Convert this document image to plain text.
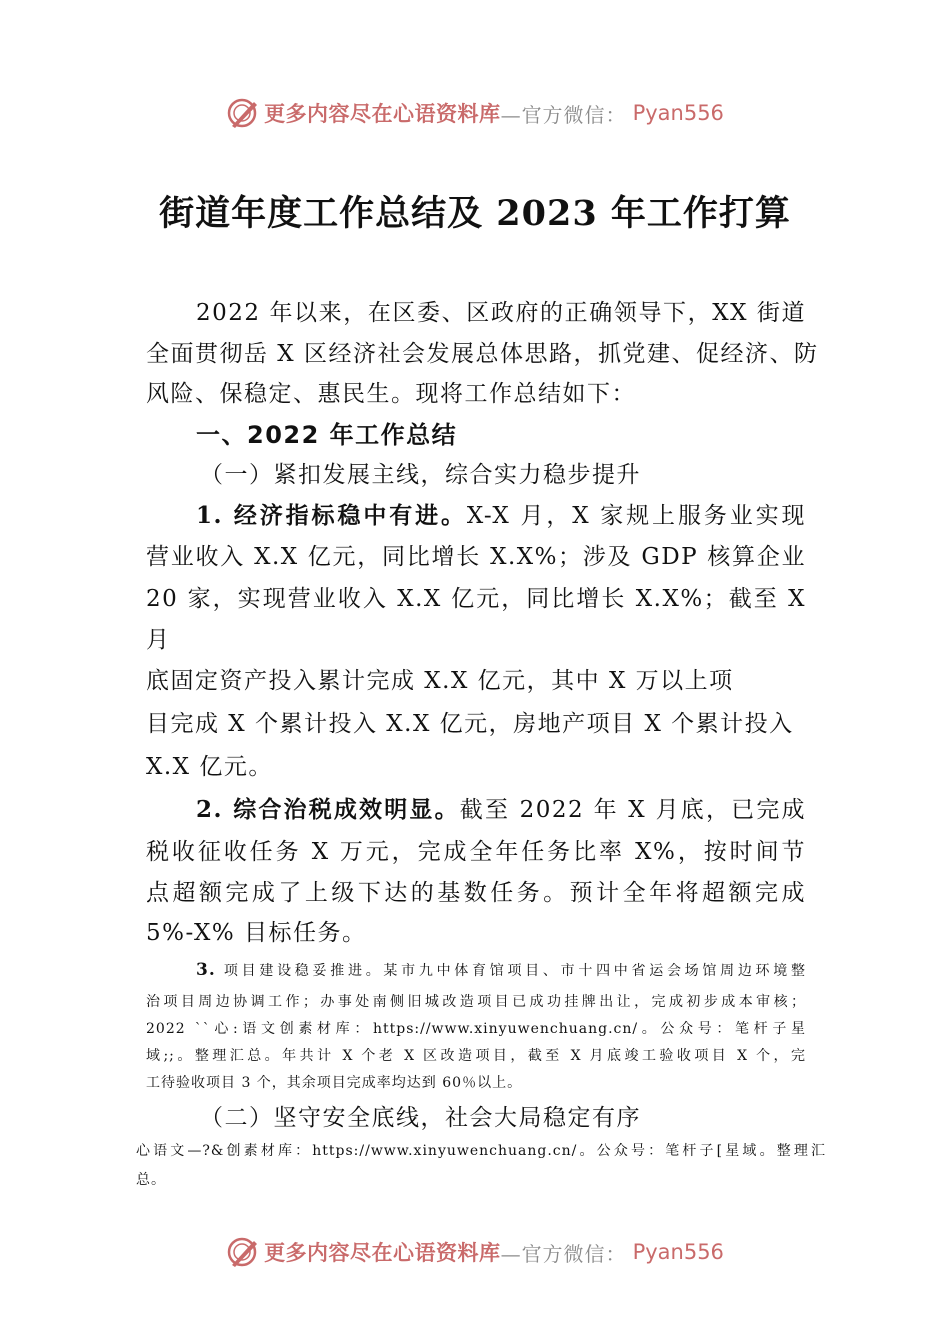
更多内容尽在心语资料库 —官方微信： Pyan556
街道年度工作总结及 2023 年工作打算
2022 年以来，在区委、区政府的正确领导下，XX 街道
全面贯彻岳 X 区经济社会发展总体思路，抓党建、促经济、防
风险、保稳定、惠民生。现将工作总结如下：
一、2022 年工作总结
（一）紧扣发展主线，综合实力稳步提升
1. 经济指标稳中有进。X-X 月，X 家规上服务业实现
营业收入 X.X 亿元，同比增长 X.X%；涉及 GDP 核算企业
20 家，实现营业收入 X.X 亿元，同比增长 X.X%；截至 X
月
底固定资产投入累计完成 X.X 亿元，其中 X 万以上项
目完成 X 个累计投入 X.X 亿元，房地产项目 X 个累计投入
X.X 亿元。
2. 综合治税成效明显。截至 2022 年 X 月底，已完成
税收征收任务 X 万元，完成全年任务比率 X%，按时间节
点超额完成了上级下达的基数任务。预计全年将超额完成
5%-X% 目标任务。
3. 项目建设稳妥推进。某市九中体育馆项目、市十四中省运会场馆周边环境整
治项目周边协调工作；办事处南侧旧城改造项目已成功挂牌出让，完成初步成本审核；
2022 ``心:语文创素材库：https://www.xinyuwenchuang.cn/。公众号：笔杆子星
域;;。整理汇总。年共计 X 个老 X 区改造项目，截至 X 月底竣工验收项目 X 个，完
工待验收项目 3 个，其余项目完成率均达到 60％以上。
（二）坚守安全底线，社会大局稳定有序
心语文—?&创素材库：https://www.xinyuwenchuang.cn/。公众号：笔杆子[星域。整理汇
总。
更多内容尽在心语资料库 —官方微信： Pyan556
